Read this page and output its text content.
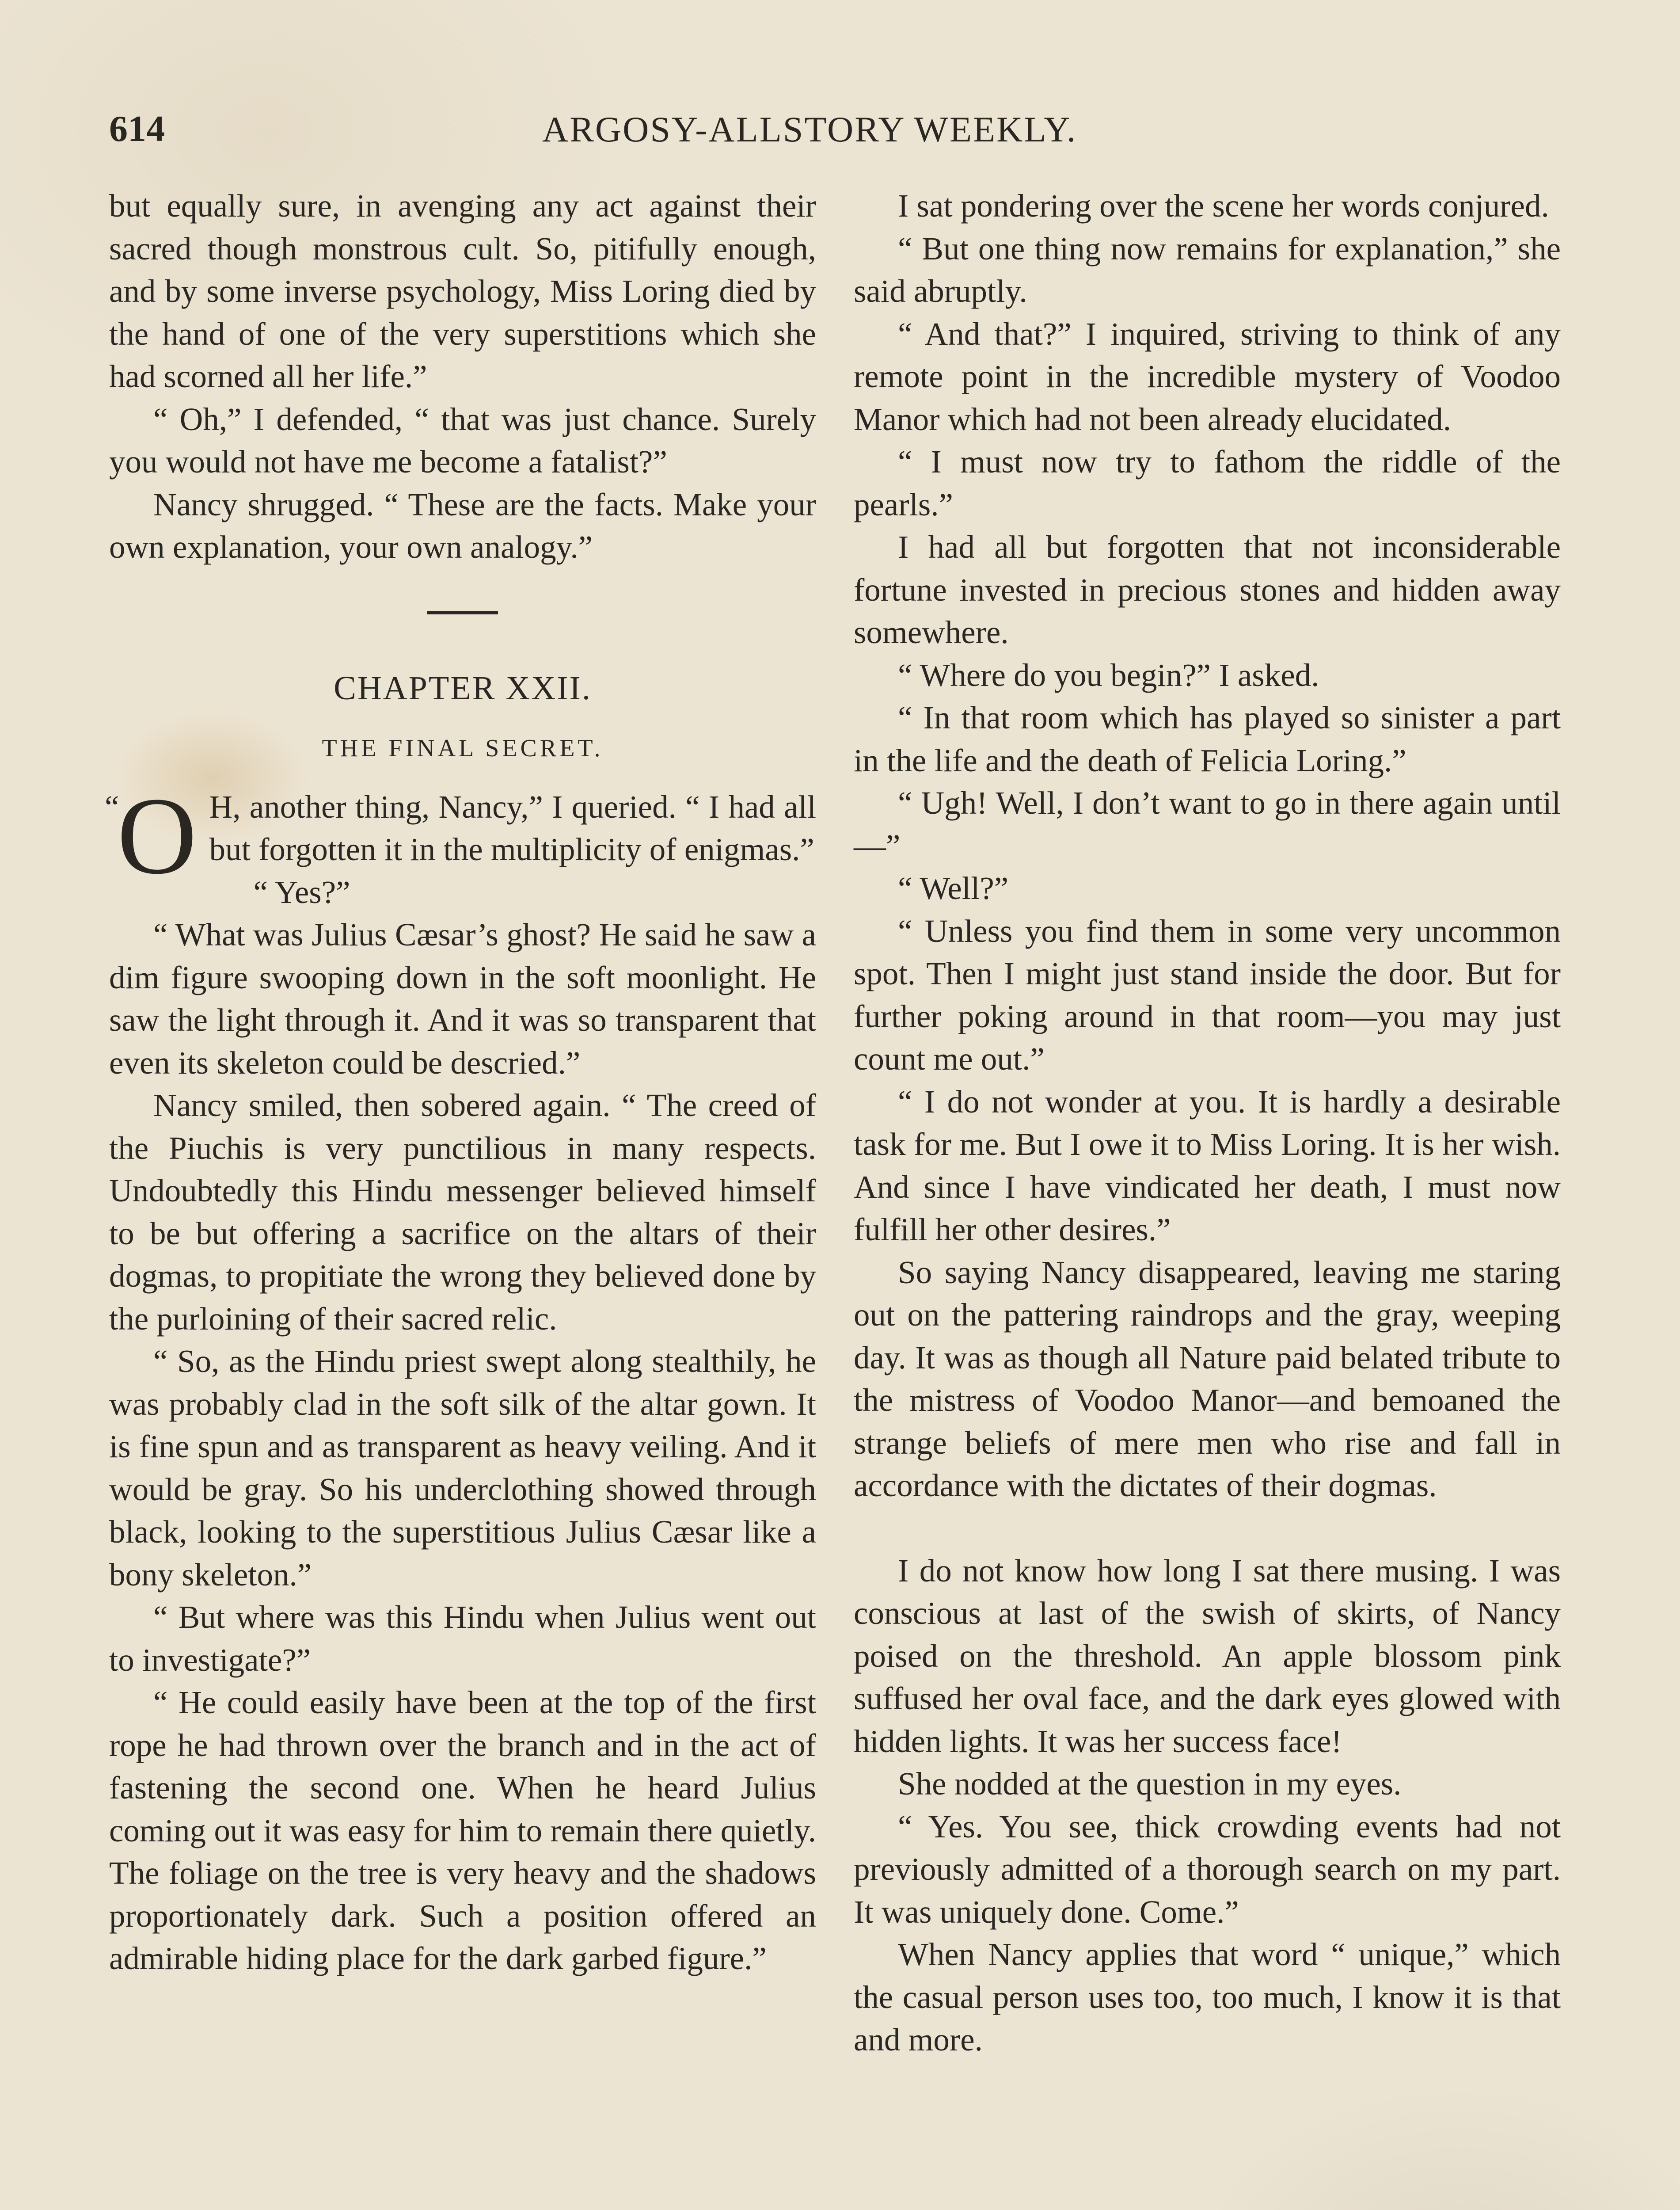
614	ARGOSY-ALLSTORY WEEKLY.

but equally sure, in avenging any act against their sacred though monstrous cult. So, pitifully enough, and by some inverse psychology, Miss Loring died by the hand of one of the very superstitions which she had scorned all her life.”

“ Oh,” I defended, “ that was just chance. Surely you would not have me become a fatalist?”

Nancy shrugged. “ These are the facts. Make your own explanation, your own analogy.”

CHAPTER XXII.

THE FINAL SECRET.

“
O H, another thing, Nancy,” I queried. “ I had all but forgotten it in the multiplicity of enigmas.”

“ Yes?”

“ What was Julius Cæsar’s ghost? He said he saw a dim figure swooping down in the soft moonlight. He saw the light through it. And it was so transparent that even its skeleton could be descried.”

Nancy smiled, then sobered again. “ The creed of the Piuchis is very punctilious in many respects. Undoubtedly this Hindu messenger believed himself to be but offering a sacrifice on the altars of their dogmas, to propitiate the wrong they believed done by the purloining of their sacred relic.

“ So, as the Hindu priest swept along stealthily, he was probably clad in the soft silk of the altar gown. It is fine spun and as transparent as heavy veiling. And it would be gray. So his underclothing showed through black, looking to the superstitious Julius Cæsar like a bony skeleton.”

“ But where was this Hindu when Julius went out to investigate?”

“ He could easily have been at the top of the first rope he had thrown over the branch and in the act of fastening the second one. When he heard Julius coming out it was easy for him to remain there quietly. The foliage on the tree is very heavy and the shadows proportionately dark. Such a position offered an admirable hiding place for the dark garbed figure.”

I sat pondering over the scene her words conjured.

“ But one thing now remains for explanation,” she said abruptly.

“ And that?” I inquired, striving to think of any remote point in the incredible mystery of Voodoo Manor which had not been already elucidated.

“ I must now try to fathom the riddle of the pearls.”

I had all but forgotten that not inconsiderable fortune invested in precious stones and hidden away somewhere.

“ Where do you begin?” I asked.

“ In that room which has played so sinister a part in the life and the death of Felicia Loring.”

“ Ugh! Well, I don’t want to go in there again until—”

“ Well?”

“ Unless you find them in some very uncommon spot. Then I might just stand inside the door. But for further poking around in that room—you may just count me out.”

“ I do not wonder at you. It is hardly a desirable task for me. But I owe it to Miss Loring. It is her wish. And since I have vindicated her death, I must now fulfill her other desires.”

So saying Nancy disappeared, leaving me staring out on the pattering raindrops and the gray, weeping day. It was as though all Nature paid belated tribute to the mistress of Voodoo Manor—and bemoaned the strange beliefs of mere men who rise and fall in accordance with the dictates of their dogmas.

I do not know how long I sat there musing. I was conscious at last of the swish of skirts, of Nancy poised on the threshold. An apple blossom pink suffused her oval face, and the dark eyes glowed with hidden lights. It was her success face!

She nodded at the question in my eyes.

“ Yes. You see, thick crowding events had not previously admitted of a thorough search on my part. It was uniquely done. Come.”

When Nancy applies that word “ unique,” which the casual person uses too, too much, I know it is that and more.
